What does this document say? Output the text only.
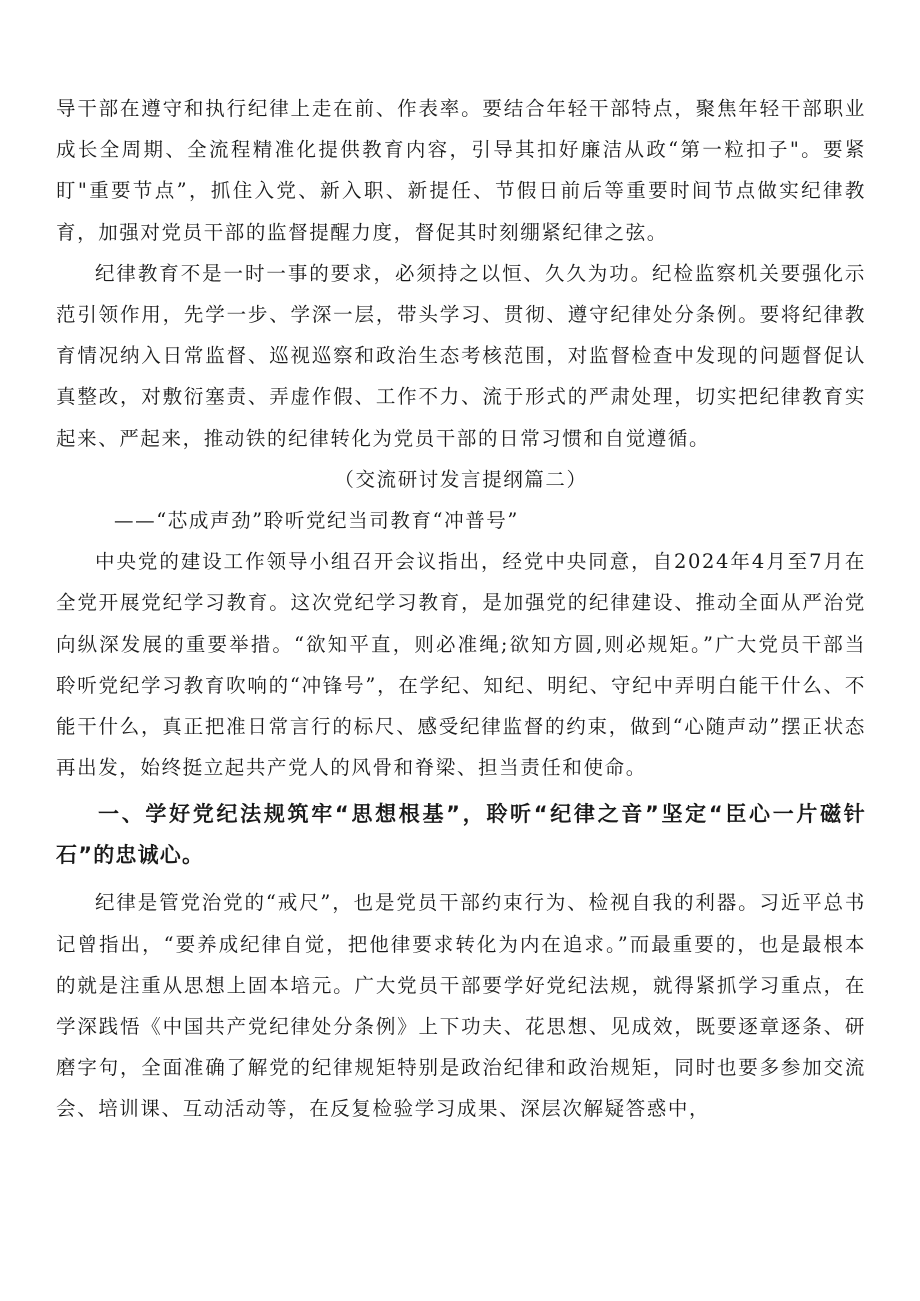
导干部在遵守和执行纪律上走在前、作表率。要结合年轻干部特点，聚焦年轻干部职业成长全周期、全流程精准化提供教育内容，引导其扣好廉洁从政“第一粒扣子"。要紧盯"重要节点”，抓住入党、新入职、新提任、节假日前后等重要时间节点做实纪律教育，加强对党员干部的监督提醒力度，督促其时刻绷紧纪律之弦。

纪律教育不是一时一事的要求，必须持之以恒、久久为功。纪检监察机关要强化示范引领作用，先学一步、学深一层，带头学习、贯彻、遵守纪律处分条例。要将纪律教育情况纳入日常监督、巡视巡察和政治生态考核范围，对监督检查中发现的问题督促认真整改，对敷衍塞责、弄虚作假、工作不力、流于形式的严肃处理，切实把纪律教育实起来、严起来，推动铁的纪律转化为党员干部的日常习惯和自觉遵循。

（交流研讨发言提纲篇二）

——“芯成声劲”聆听党纪当司教育“冲普号”

中央党的建设工作领导小组召开会议指出，经党中央同意，自2024年4月至7月在全党开展党纪学习教育。这次党纪学习教育，是加强党的纪律建设、推动全面从严治党向纵深发展的重要举措。“欲知平直，则必准绳;欲知方圆,则必规矩。”广大党员干部当聆听党纪学习教育吹响的“冲锋号”，在学纪、知纪、明纪、守纪中弄明白能干什么、不能干什么，真正把准日常言行的标尺、感受纪律监督的约束，做到“心随声动”摆正状态再出发，始终挺立起共产党人的风骨和脊梁、担当责任和使命。

一、学好党纪法规筑牢“思想根基”，聆听“纪律之音”坚定“臣心一片磁针石”的忠诚心。

纪律是管党治党的“戒尺”，也是党员干部约束行为、检视自我的利器。习近平总书记曾指出，“要养成纪律自觉，把他律要求转化为内在追求。”而最重要的，也是最根本的就是注重从思想上固本培元。广大党员干部要学好党纪法规，就得紧抓学习重点，在学深践悟《中国共产党纪律处分条例》上下功夫、花思想、见成效，既要逐章逐条、研磨字句，全面准确了解党的纪律规矩特别是政治纪律和政治规矩，同时也要多参加交流会、培训课、互动活动等，在反复检验学习成果、深层次解疑答惑中，
